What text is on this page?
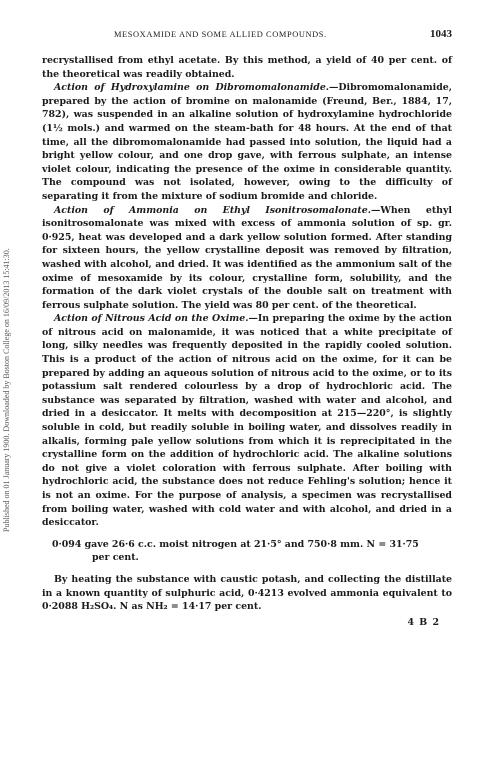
Published on 01 January 1900. Downloaded by Boston College on 16/09/2013 15:41:30.
MESOXAMIDE AND SOME ALLIED COMPOUNDS.	1043

recrystallised from ethyl acetate. By this method, a yield of 40 per cent. of the theoretical was readily obtained.

Action of Hydroxylamine on Dibromomalonamide.—Dibromomalonamide, prepared by the action of bromine on malonamide (Freund, Ber., 1884, 17, 782), was suspended in an alkaline solution of hydroxylamine hydrochloride (1½ mols.) and warmed on the steam-bath for 48 hours. At the end of that time, all the dibromomalonamide had passed into solution, the liquid had a bright yellow colour, and one drop gave, with ferrous sulphate, an intense violet colour, indicating the presence of the oxime in considerable quantity. The compound was not isolated, however, owing to the difficulty of separating it from the mixture of sodium bromide and chloride.

Action of Ammonia on Ethyl Isonitrosomalonate.—When ethyl isonitrosomalonate was mixed with excess of ammonia solution of sp. gr. 0·925, heat was developed and a dark yellow solution formed. After standing for sixteen hours, the yellow crystalline deposit was removed by filtration, washed with alcohol, and dried. It was identified as the ammonium salt of the oxime of mesoxamide by its colour, crystalline form, solubility, and the formation of the dark violet crystals of the double salt on treatment with ferrous sulphate solution. The yield was 80 per cent. of the theoretical.

Action of Nitrous Acid on the Oxime.—In preparing the oxime by the action of nitrous acid on malonamide, it was noticed that a white precipitate of long, silky needles was frequently deposited in the rapidly cooled solution. This is a product of the action of nitrous acid on the oxime, for it can be prepared by adding an aqueous solution of nitrous acid to the oxime, or to its potassium salt rendered colourless by a drop of hydrochloric acid. The substance was separated by filtration, washed with water and alcohol, and dried in a desiccator. It melts with decomposition at 215—220°, is slightly soluble in cold, but readily soluble in boiling water, and dissolves readily in alkalis, forming pale yellow solutions from which it is reprecipitated in the crystalline form on the addition of hydrochloric acid. The alkaline solutions do not give a violet coloration with ferrous sulphate. After boiling with hydrochloric acid, the substance does not reduce Fehling's solution; hence it is not an oxime. For the purpose of analysis, a specimen was recrystallised from boiling water, washed with cold water and with alcohol, and dried in a desiccator.

0·094 gave 26·6 c.c. moist nitrogen at 21·5° and 750·8 mm. N = 31·75
per cent.

By heating the substance with caustic potash, and collecting the distillate in a known quantity of sulphuric acid, 0·4213 evolved ammonia equivalent to 0·2088 H₂SO₄. N as NH₂ = 14·17 per cent.

4 B 2
